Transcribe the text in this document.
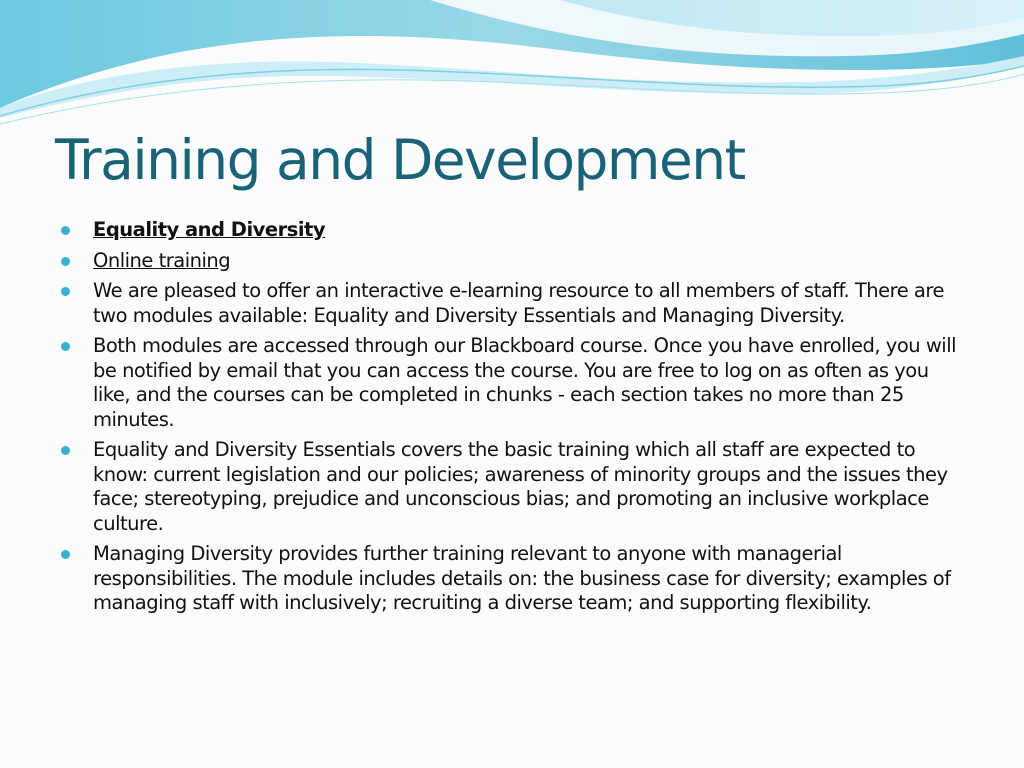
Training and Development
Equality and Diversity
Online training
We are pleased to offer an interactive e-learning resource to all members of staff. There are two modules available: Equality and Diversity Essentials and Managing Diversity.
Both modules are accessed through our Blackboard course. Once you have enrolled, you will be notified by email that you can access the course. You are free to log on as often as you like, and the courses can be completed in chunks - each section takes no more than 25 minutes.
Equality and Diversity Essentials covers the basic training which all staff are expected to know: current legislation and our policies; awareness of minority groups and the issues they face; stereotyping, prejudice and unconscious bias; and promoting an inclusive workplace culture.
Managing Diversity provides further training relevant to anyone with managerial responsibilities. The module includes details on: the business case for diversity; examples of managing staff with inclusively; recruiting a diverse team; and supporting flexibility.
